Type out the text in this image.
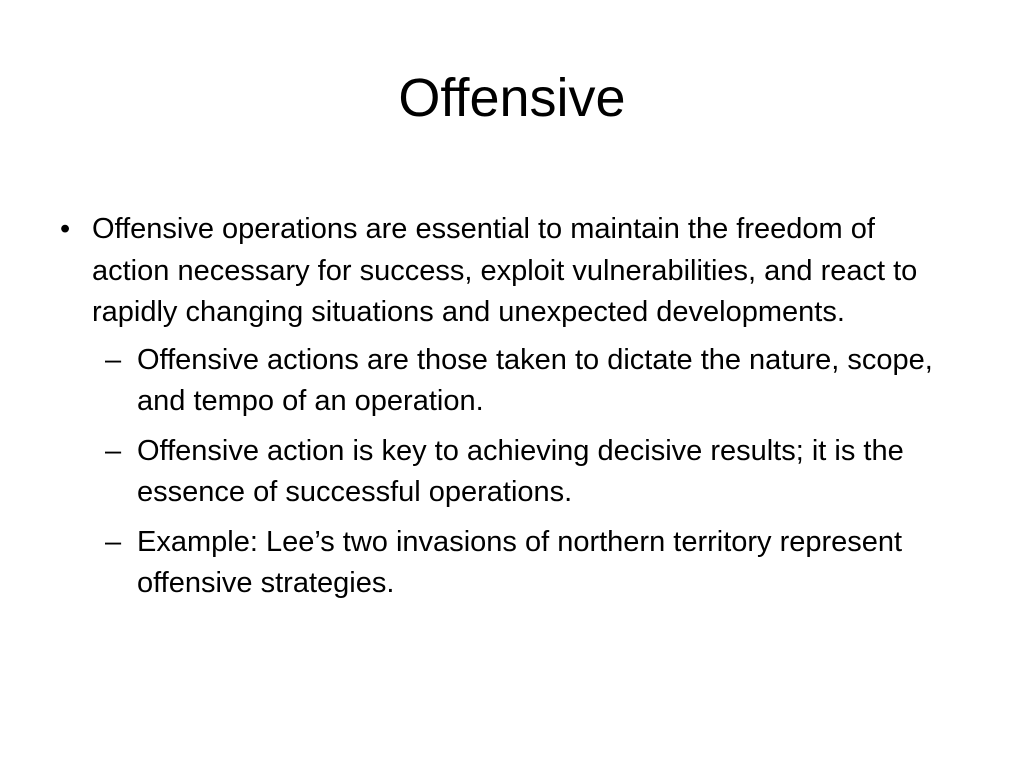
Offensive
• Offensive operations are essential to maintain the freedom of action necessary for success, exploit vulnerabilities, and react to rapidly changing situations and unexpected developments.
– Offensive actions are those taken to dictate the nature, scope, and tempo of an operation.
– Offensive action is key to achieving decisive results; it is the essence of successful operations.
– Example: Lee’s two invasions of northern territory represent offensive strategies.
